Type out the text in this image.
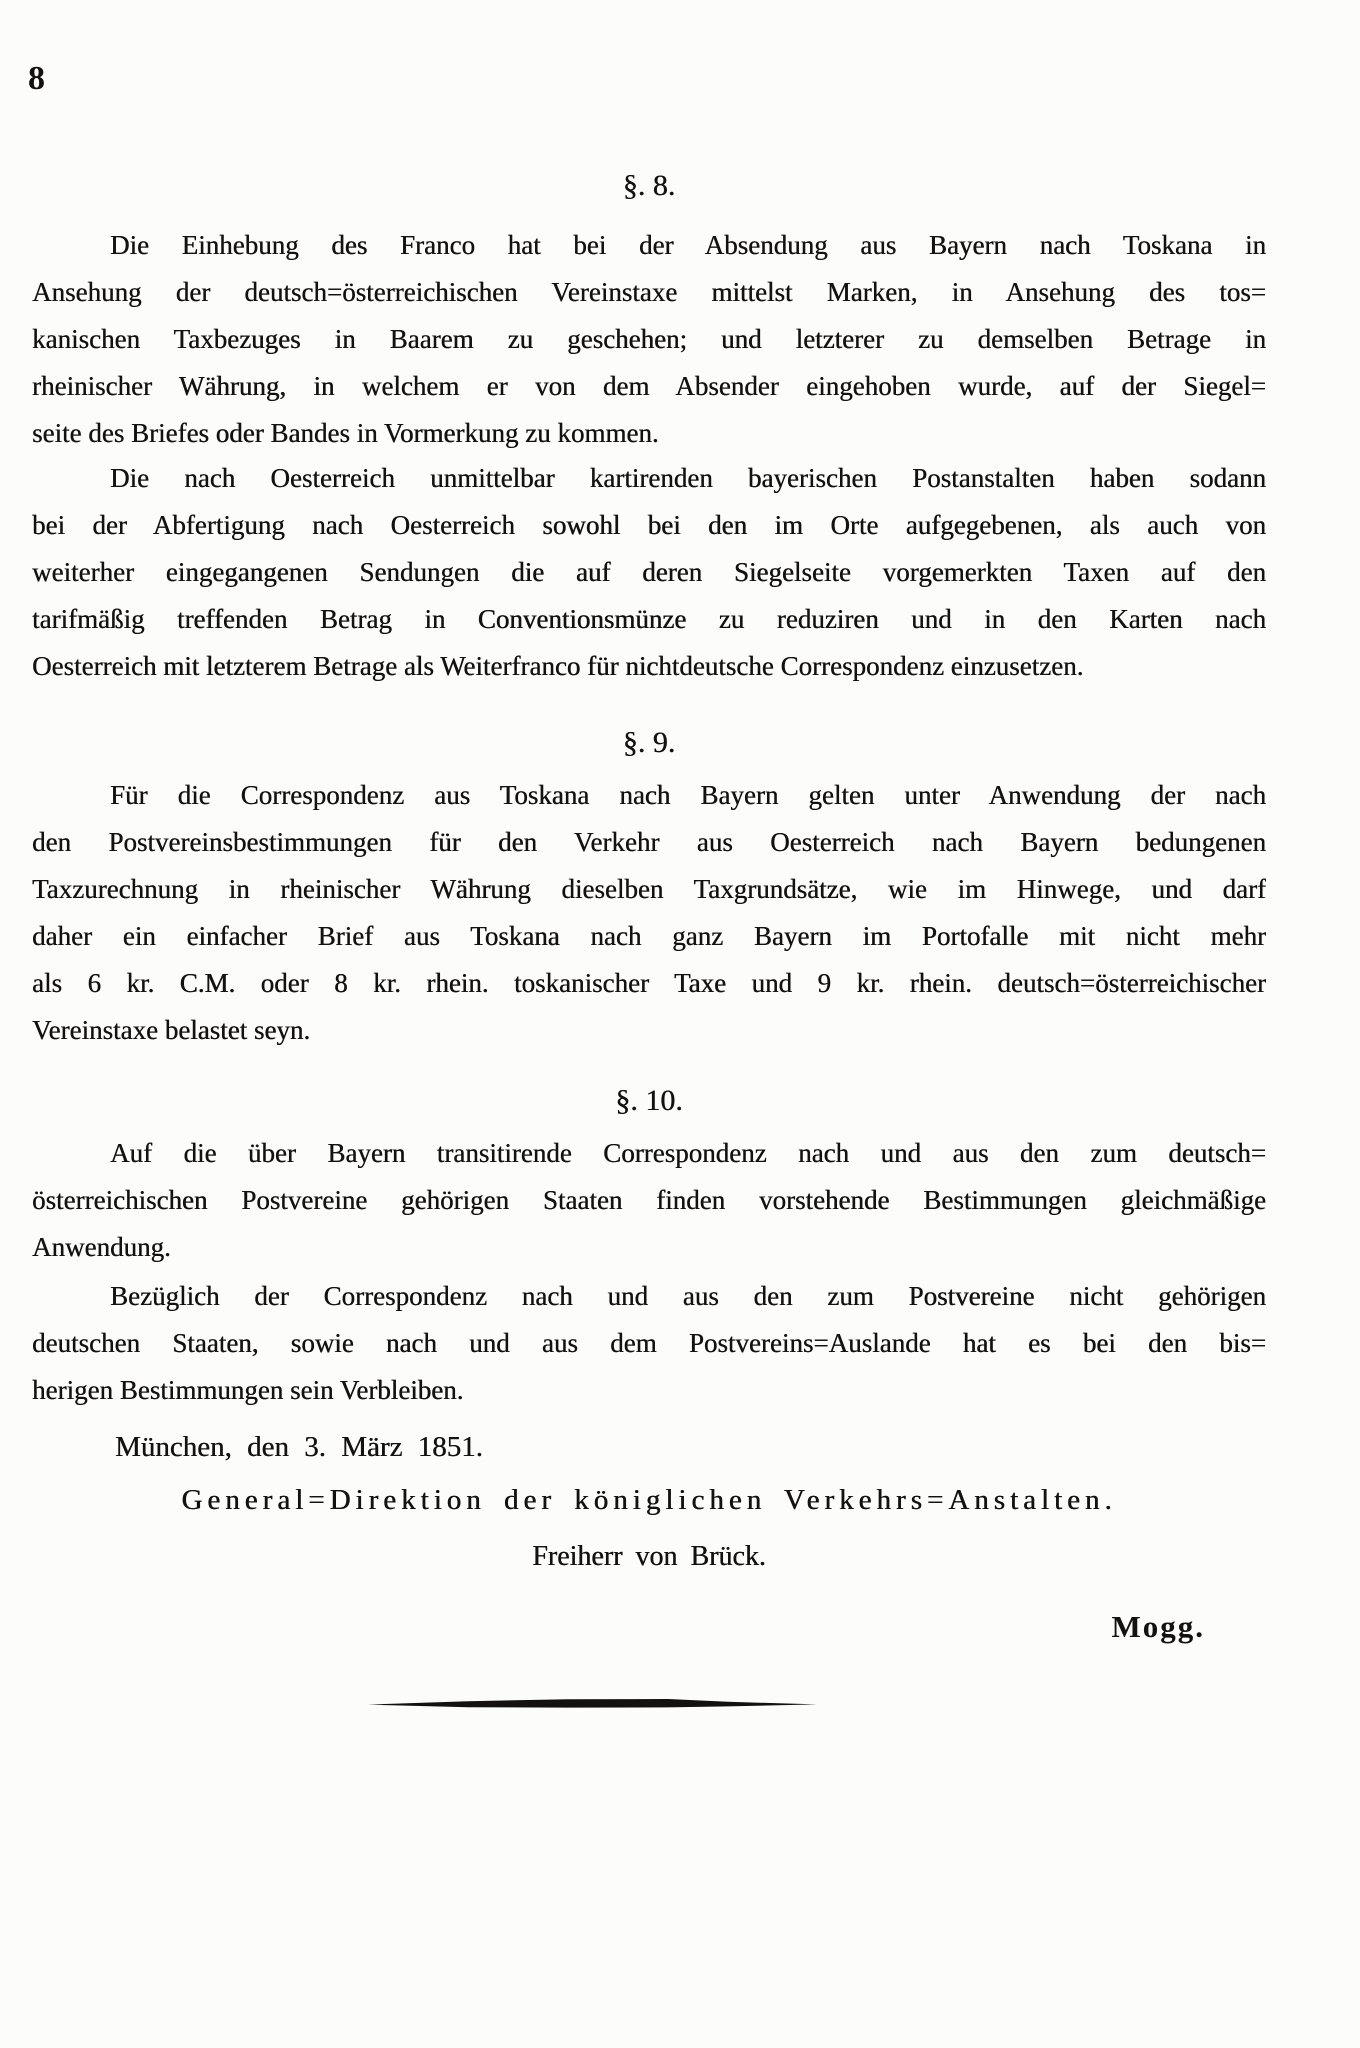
8
§. 8.
Die Einhebung des Franco hat bei der Absendung aus Bayern nach Toskana in
Ansehung der deutsch=österreichischen Vereinstaxe mittelst Marken, in Ansehung des tos=
kanischen Taxbezuges in Baarem zu geschehen; und letzterer zu demselben Betrage in
rheinischer Währung, in welchem er von dem Absender eingehoben wurde, auf der Siegel=
seite des Briefes oder Bandes in Vormerkung zu kommen.
Die nach Oesterreich unmittelbar kartirenden bayerischen Postanstalten haben sodann
bei der Abfertigung nach Oesterreich sowohl bei den im Orte aufgegebenen, als auch von
weiterher eingegangenen Sendungen die auf deren Siegelseite vorgemerkten Taxen auf den
tarifmäßig treffenden Betrag in Conventionsmünze zu reduziren und in den Karten nach
Oesterreich mit letzterem Betrage als Weiterfranco für nichtdeutsche Correspondenz einzusetzen.
§. 9.
Für die Correspondenz aus Toskana nach Bayern gelten unter Anwendung der nach
den Postvereinsbestimmungen für den Verkehr aus Oesterreich nach Bayern bedungenen
Taxzurechnung in rheinischer Währung dieselben Taxgrundsätze, wie im Hinwege, und darf
daher ein einfacher Brief aus Toskana nach ganz Bayern im Portofalle mit nicht mehr
als 6 kr. C.M. oder 8 kr. rhein. toskanischer Taxe und 9 kr. rhein. deutsch=österreichischer
Vereinstaxe belastet seyn.
§. 10.
Auf die über Bayern transitirende Correspondenz nach und aus den zum deutsch=
österreichischen Postvereine gehörigen Staaten finden vorstehende Bestimmungen gleichmäßige
Anwendung.
Bezüglich der Correspondenz nach und aus den zum Postvereine nicht gehörigen
deutschen Staaten, sowie nach und aus dem Postvereins=Auslande hat es bei den bis=
herigen Bestimmungen sein Verbleiben.
München, den 3. März 1851.
General=Direktion der königlichen Verkehrs=Anstalten.
Freiherr von Brück.
Mogg.
